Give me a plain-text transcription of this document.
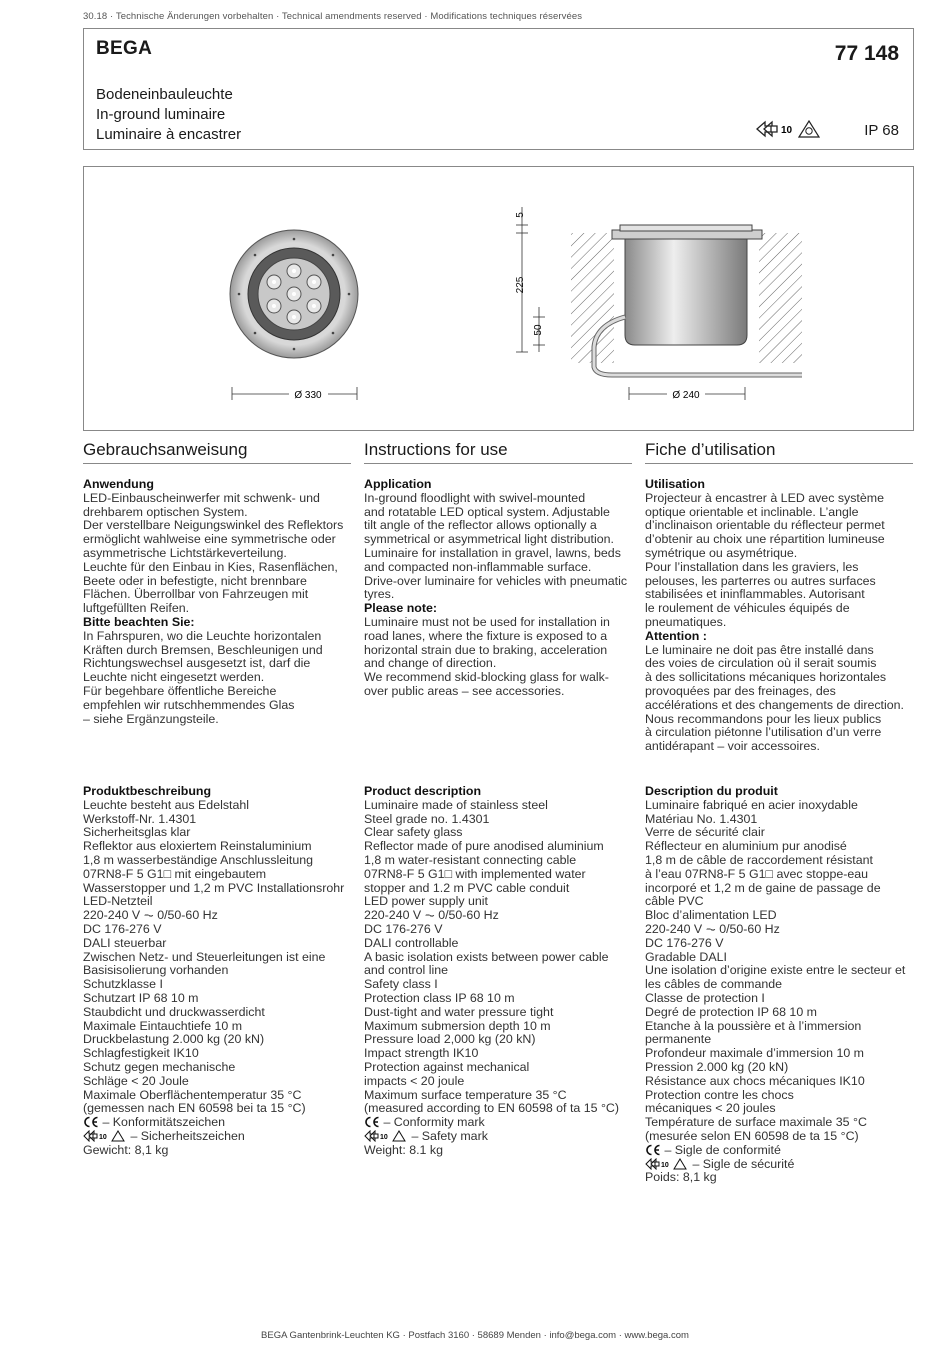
30.18 · Technische Änderungen vorbehalten · Technical amendments reserved · Modifications techniques réservées
BEGA	77 148
Bodeneinbauleuchte
In-ground luminaire
Luminaire à encastrer	10	IP 68
Ø 330
5
225
50
Ø 240
Gebrauchsanweisung
Anwendung
LED-Einbauscheinwerfer mit schwenk- und
drehbarem optischen System.
Der verstellbare Neigungswinkel des Reflektors
ermöglicht wahlweise eine symmetrische oder
asymmetrische Lichtstärkeverteilung.
Leuchte für den Einbau in Kies, Rasenflächen,
Beete oder in befestigte, nicht brennbare
Flächen. Überrollbar von Fahrzeugen mit
luftgefüllten Reifen.
Bitte beachten Sie:
In Fahrspuren, wo die Leuchte horizontalen
Kräften durch Bremsen, Beschleunigen und
Richtungswechsel ausgesetzt ist, darf die
Leuchte nicht eingesetzt werden.
Für begehbare öffentliche Bereiche
empfehlen wir rutschhemmendes Glas
– siehe Ergänzungsteile.
Instructions for use
Application
In-ground floodlight with swivel-mounted
and rotatable LED optical system. Adjustable
tilt angle of the reflector allows optionally a
symmetrical or asymmetrical light distribution.
Luminaire for installation in gravel, lawns, beds
and compacted non-inflammable surface.
Drive-over luminaire for vehicles with pneumatic
tyres.
Please note:
Luminaire must not be used for installation in
road lanes, where the fixture is exposed to a
horizontal strain due to braking, acceleration
and change of direction.
We recommend skid-blocking glass for walk-
over public areas – see accessories.
Fiche d’utilisation
Utilisation
Projecteur à encastrer à LED avec système
optique orientable et inclinable. L’angle
d’inclinaison orientable du réflecteur permet
d’obtenir au choix une répartition lumineuse
symétrique ou asymétrique.
Pour l’installation dans les graviers, les
pelouses, les parterres ou autres surfaces
stabilisées et ininflammables. Autorisant
le roulement de véhicules équipés de
pneumatiques.
Attention :
Le luminaire ne doit pas être installé dans
des voies de circulation où il serait soumis
à des sollicitations mécaniques horizontales
provoquées par des freinages, des
accélérations et des changements de direction.
Nous recommandons pour les lieux publics
à circulation piétonne l’utilisation d’un verre
antidérapant – voir accessoires.
Produktbeschreibung
Leuchte besteht aus Edelstahl
Werkstoff-Nr. 1.4301
Sicherheitsglas klar
Reflektor aus eloxiertem Reinstaluminium
1,8 m wasserbeständige Anschlussleitung
07RN8-F 5 G1□ mit eingebautem
Wasserstopper und 1,2 m PVC Installationsrohr
LED-Netzteil
220-240 V ⏦ 0/50-60 Hz
DC 176-276 V
DALI steuerbar
Zwischen Netz- und Steuerleitungen ist eine
Basisisolierung vorhanden
Schutzklasse I
Schutzart IP 68 10 m
Staubdicht und druckwasserdicht
Maximale Eintauchtiefe 10 m
Druckbelastung 2.000 kg (20 kN)
Schlagfestigkeit IK10
Schutz gegen mechanische
Schläge < 20 Joule
Maximale Oberflächentemperatur 35 °C
(gemessen nach EN 60598 bei ta 15 °C)
– Konformitätszeichen
10 – Sicherheitszeichen
Gewicht: 8,1 kg
Product description
Luminaire made of stainless steel
Steel grade no. 1.4301
Clear safety glass
Reflector made of pure anodised aluminium
1,8 m water-resistant connecting cable
07RN8-F 5 G1□ with implemented water
stopper and 1.2 m PVC cable conduit
LED power supply unit
220-240 V ⏦ 0/50-60 Hz
DC 176-276 V
DALI controllable
A basic isolation exists between power cable
and control line
Safety class I
Protection class IP 68 10 m
Dust-tight and water pressure tight
Maximum submersion depth 10 m
Pressure load 2,000 kg (20 kN)
Impact strength IK10
Protection against mechanical
impacts < 20 joule
Maximum surface temperature 35 °C
(measured according to EN 60598 of ta 15 °C)
– Conformity mark
10 – Safety mark
Weight: 8.1 kg
Description du produit
Luminaire fabriqué en acier inoxydable
Matériau No. 1.4301
Verre de sécurité clair
Réflecteur en aluminium pur anodisé
1,8 m de câble de raccordement résistant
à l’eau 07RN8-F 5 G1□ avec stoppe-eau
incorporé et 1,2 m de gaine de passage de
câble PVC
Bloc d’alimentation LED
220-240 V ⏦ 0/50-60 Hz
DC 176-276 V
Gradable DALI
Une isolation d’origine existe entre le secteur et
les câbles de commande
Classe de protection I
Degré de protection IP 68 10 m
Etanche à la poussière et à l’immersion
permanente
Profondeur maximale d’immersion 10 m
Pression 2.000 kg (20 kN)
Résistance aux chocs mécaniques IK10
Protection contre les chocs
mécaniques < 20 joules
Température de surface maximale 35 °C
(mesurée selon EN 60598 de ta 15 °C)
– Sigle de conformité
10 – Sigle de sécurité
Poids: 8,1 kg
BEGA Gantenbrink-Leuchten KG · Postfach 3160 · 58689 Menden · info@bega.com · www.bega.com
